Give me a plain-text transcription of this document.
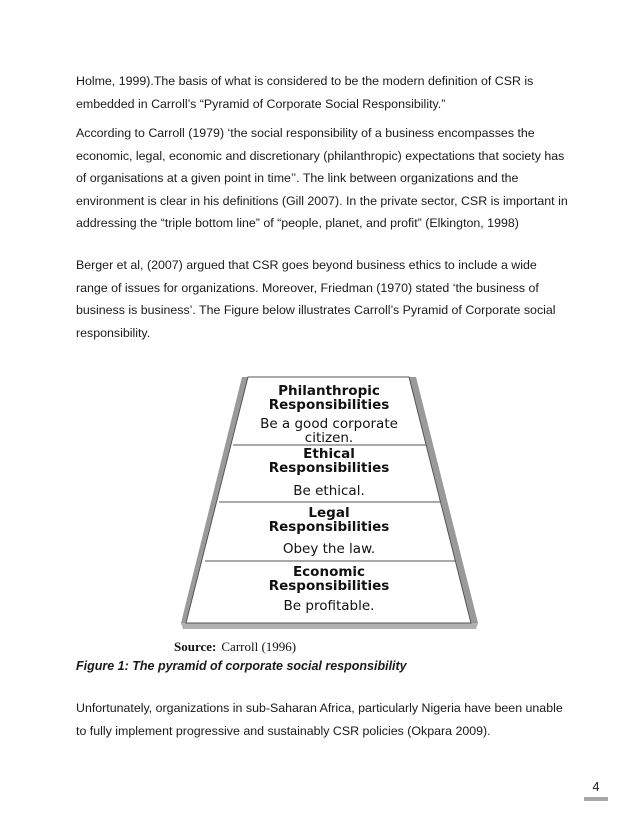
Holme, 1999).The basis of what is considered to be the modern definition of CSR is embedded in Carroll’s “Pyramid of Corporate Social Responsibility.”

According to Carroll (1979) ‘the social responsibility of a business encompasses the economic, legal, economic and discretionary (philanthropic) expectations that society has of organisations at a given point in time’’. The link between organizations and the environment is clear in his definitions (Gill 2007). In the private sector, CSR is important in addressing the “triple bottom line” of “people, planet, and profit” (Elkington, 1998)

Berger et al, (2007) argued that CSR goes beyond business ethics to include a wide range of issues for organizations. Moreover, Friedman (1970) stated ‘the business of business is business’. The Figure below illustrates Carroll’s Pyramid of Corporate social responsibility.

Philanthropic
Responsibilities
Be a good corporate
citizen.
Ethical
Responsibilities
Be ethical.
Legal
Responsibilities
Obey the law.
Economic
Responsibilities
Be profitable.
Source: Carroll (1996)

Figure 1: The pyramid of corporate social responsibility

Unfortunately, organizations in sub-Saharan Africa, particularly Nigeria have been unable to fully implement progressive and sustainably CSR policies (Okpara 2009).

4
